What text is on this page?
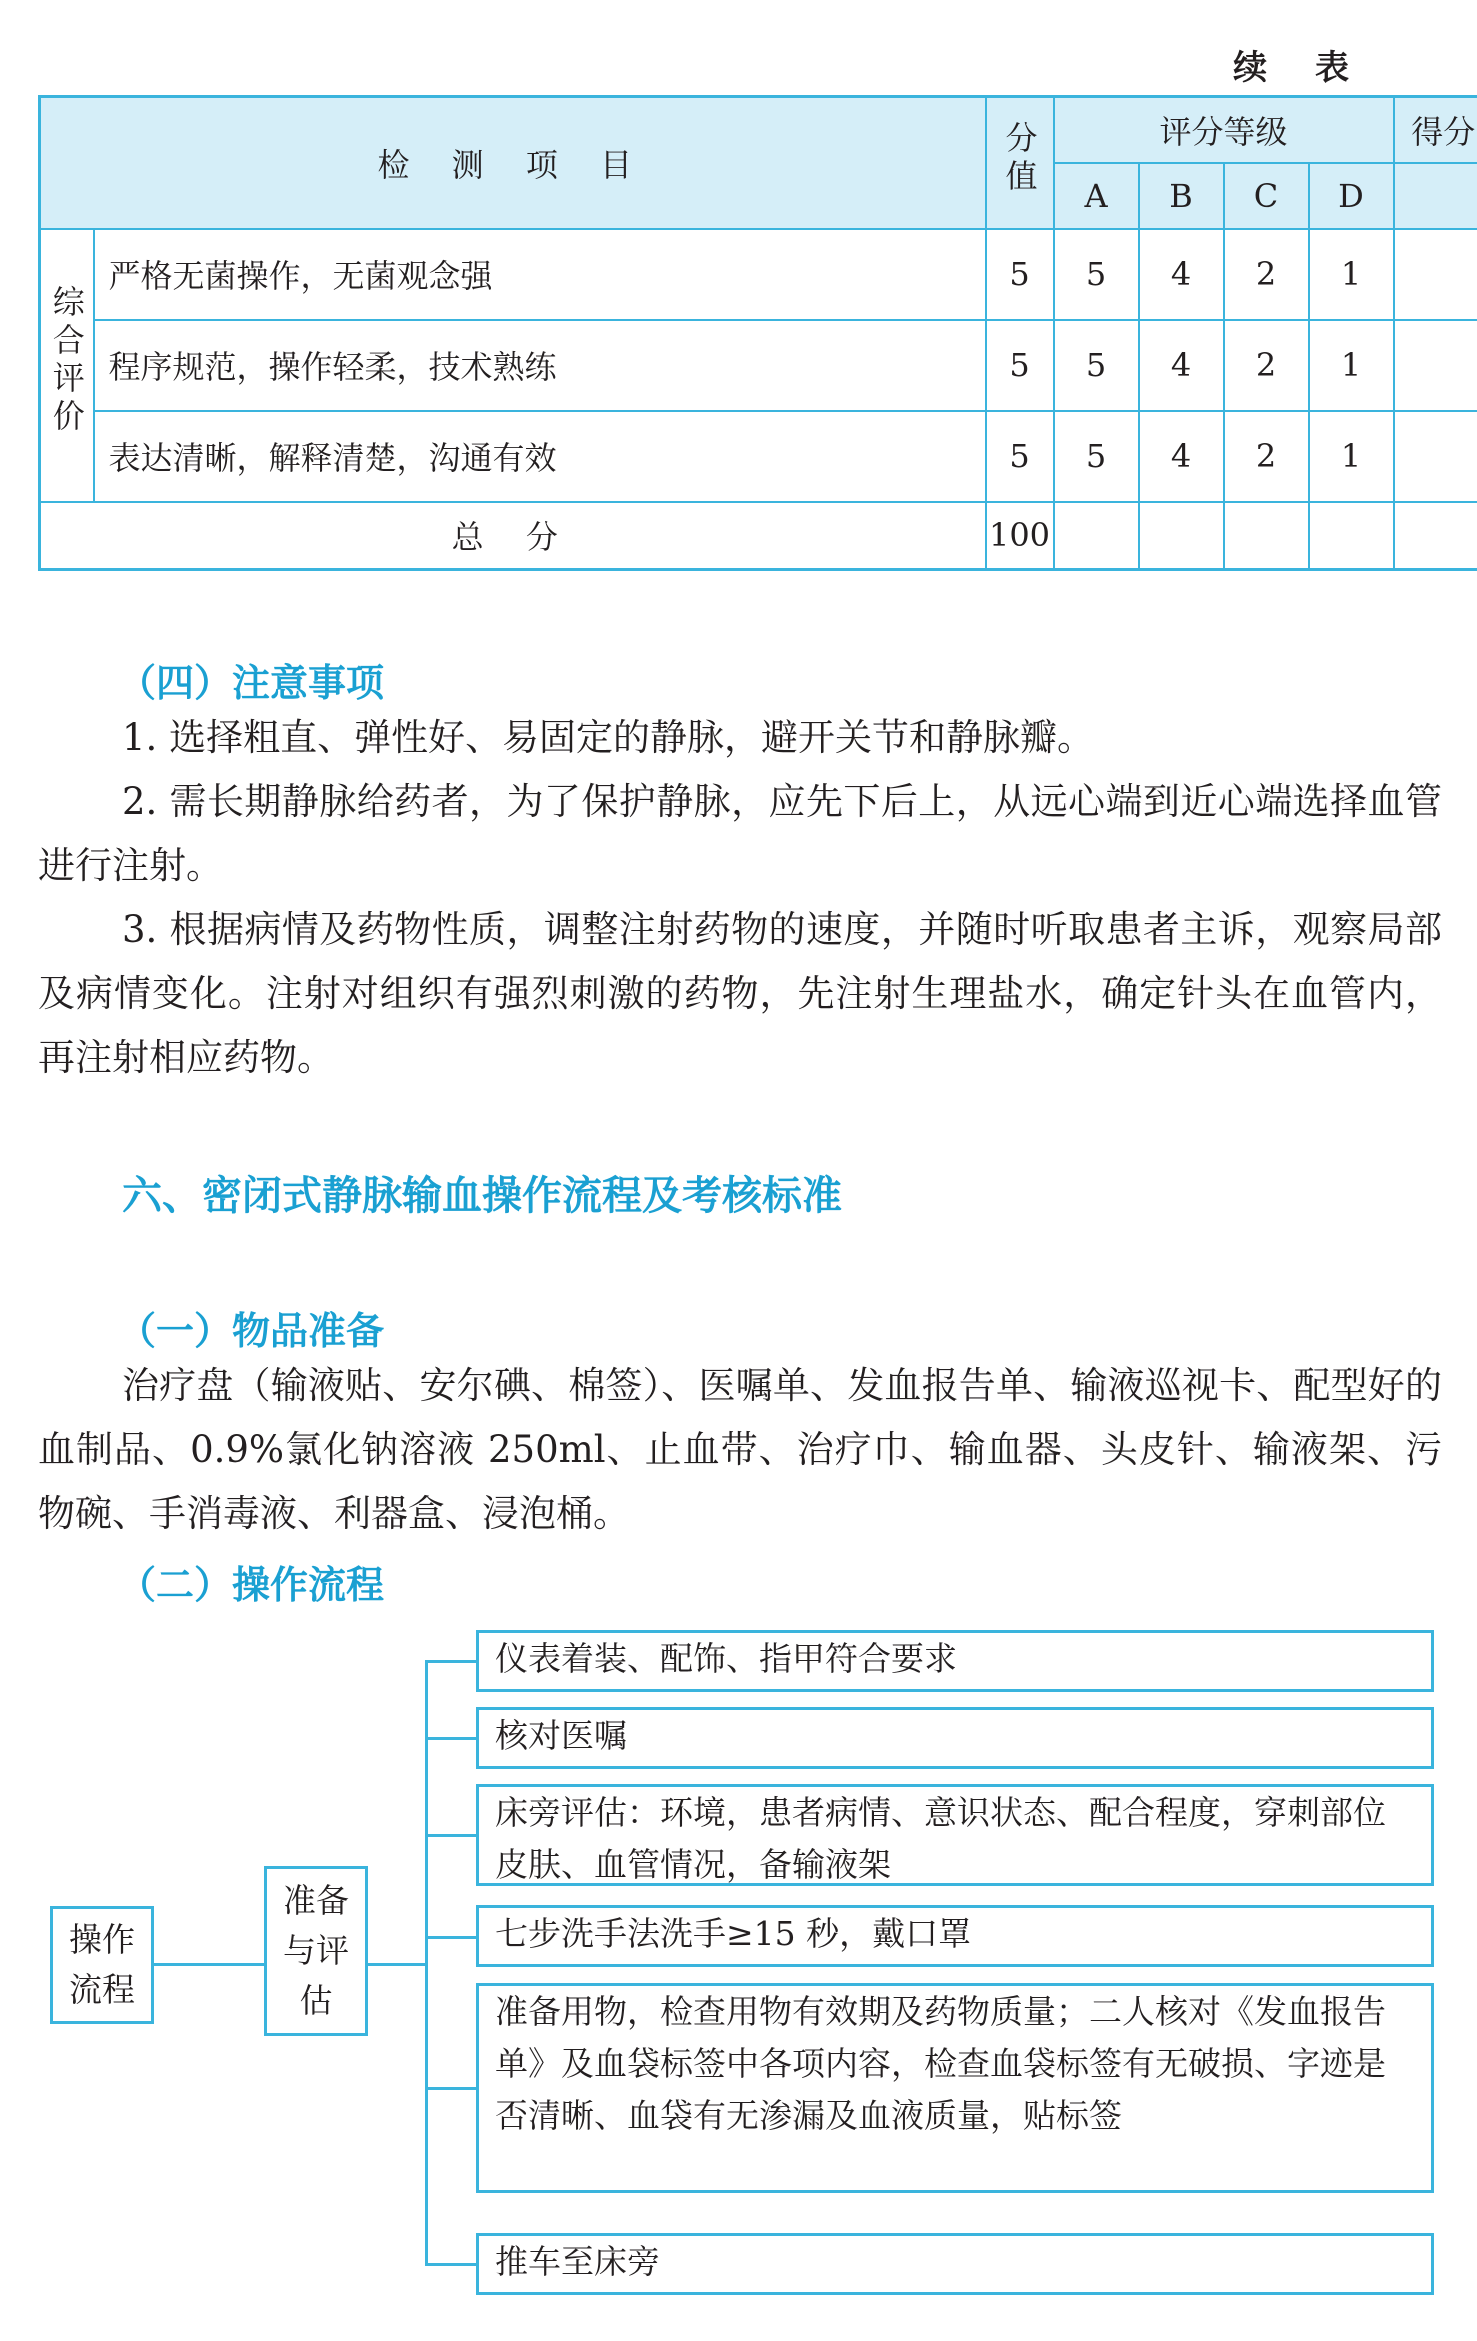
续 表
检 测 项 目		分值	评分等级				得分
			A	B	C	D	
综合评价	严格无菌操作，无菌观念强	5	5	4	2	1	
	程序规范，操作轻柔，技术熟练	5	5	4	2	1	
	表达清晰，解释清楚，沟通有效	5	5	4	2	1	
总 分		100					
（四）注意事项

1. 选择粗直、弹性好、易固定的静脉，避开关节和静脉瓣。

2. 需长期静脉给药者，为了保护静脉，应先下后上，从远心端到近心端选择血管进行注射。

3. 根据病情及药物性质，调整注射药物的速度，并随时听取患者主诉，观察局部及病情变化。注射对组织有强烈刺激的药物，先注射生理盐水，确定针头在血管内，再注射相应药物。

六、密闭式静脉输血操作流程及考核标准
（一）物品准备

治疗盘（输液贴、安尔碘、棉签）、医嘱单、发血报告单、输液巡视卡、配型好的血制品、0.9%氯化钠溶液 250ml、止血带、治疗巾、输血器、头皮针、输液架、污物碗、手消毒液、利器盒、浸泡桶。

（二）操作流程
操作流程
准备与评估
仪表着装、配饰、指甲符合要求
核对医嘱
床旁评估：环境，患者病情、意识状态、配合程度，穿刺部位皮肤、血管情况，备输液架
七步洗手法洗手≥15 秒，戴口罩
准备用物，检查用物有效期及药物质量；二人核对《发血报告单》及血袋标签中各项内容，检查血袋标签有无破损、字迹是否清晰、血袋有无渗漏及血液质量，贴标签
推车至床旁
